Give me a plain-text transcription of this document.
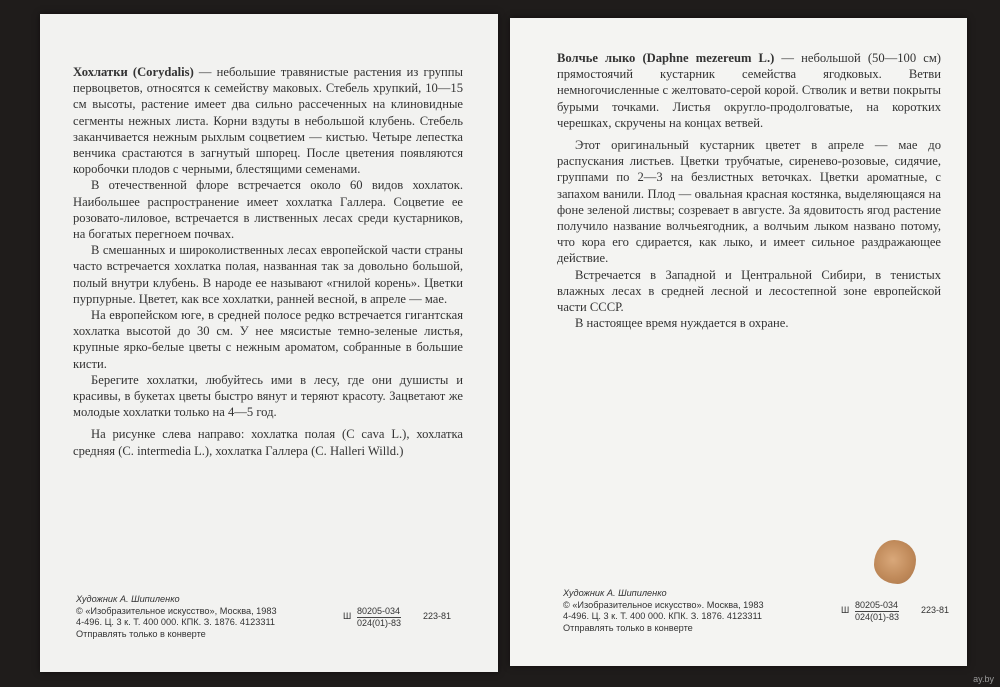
Хохлатки (Corydalis) — небольшие травянистые растения из группы первоцветов, относятся к семейству маковых. Стебель хрупкий, 10—15 см высоты, растение имеет два сильно рассеченных на клиновидные сегменты нежных листа. Корни вздуты в небольшой клубень. Стебель заканчивается нежным рыхлым соцветием — кистью. Четыре лепестка венчика срастаются в загнутый шпорец. После цветения появляются коробочки плодов с черными, блестящими семенами.

В отечественной флоре встречается около 60 видов хохлаток. Наибольшее распространение имеет хохлатка Галлера. Соцветие ее розовато-лиловое, встречается в лиственных лесах среди кустарников, на богатых перегноем почвах.

В смешанных и широколиственных лесах европейской части страны часто встречается хохлатка полая, названная так за довольно большой, полый внутри клубень. В народе ее называют «гнилой корень». Цветки пурпурные. Цветет, как все хохлатки, ранней весной, в апреле — мае.

На европейском юге, в средней полосе редко встречается гигантская хохлатка высотой до 30 см. У нее мясистые темно-зеленые листья, крупные ярко-белые цветы с нежным ароматом, собранные в большие кисти.

Берегите хохлатки, любуйтесь ими в лесу, где они душисты и красивы, в букетах цветы быстро вянут и теряют красоту. Зацветают же молодые хохлатки только на 4—5 год.

На рисунке слева направо: хохлатка полая (C cava L.), хохлатка средняя (C. intermedia L.), хохлатка Галлера (C. Halleri Willd.)

Художник А. Шипиленко
© «Изобразительное искусство», Москва, 1983
4-496. Ц. 3 к. Т. 400 000. КПК. З. 1876. 4123311
Отправлять только в конверте
Ш $\frac{80205-034}{024(01)-83} 223-81$

Волчье лыко (Daphne mezereum L.) — небольшой (50—100 см) прямостоячий кустарник семейства ягодковых. Ветви немногочисленные с желтовато-серой корой. Стволик и ветви покрыты бурыми точками. Листья округло-продолговатые, на коротких черешках, скручены на концах ветвей.

Этот оригинальный кустарник цветет в апреле — мае до распускания листьев. Цветки трубчатые, сиренево-розовые, сидячие, группами по 2—3 на безлистных веточках. Цветки ароматные, с запахом ванили. Плод — овальная красная костянка, выделяющаяся на фоне зеленой листвы; созревает в августе. За ядовитость ягод растение получило название волчьеягодник, а волчьим лыком названо потому, что кора его сдирается, как лыко, и имеет сильное раздражающее действие.

Встречается в Западной и Центральной Сибири, в тенистых влажных лесах в средней лесной и лесостепной зоне европейской части СССР.

В настоящее время нуждается в охране.

Художник А. Шипиленко
© «Изобразительное искусство». Москва, 1983
4-496. Ц. 3 к. Т. 400 000. КПК. З. 1876. 4123311
Отправлять только в конверте
Ш $\frac{80205-034}{024(01)-83} 223-81$
ay.by
